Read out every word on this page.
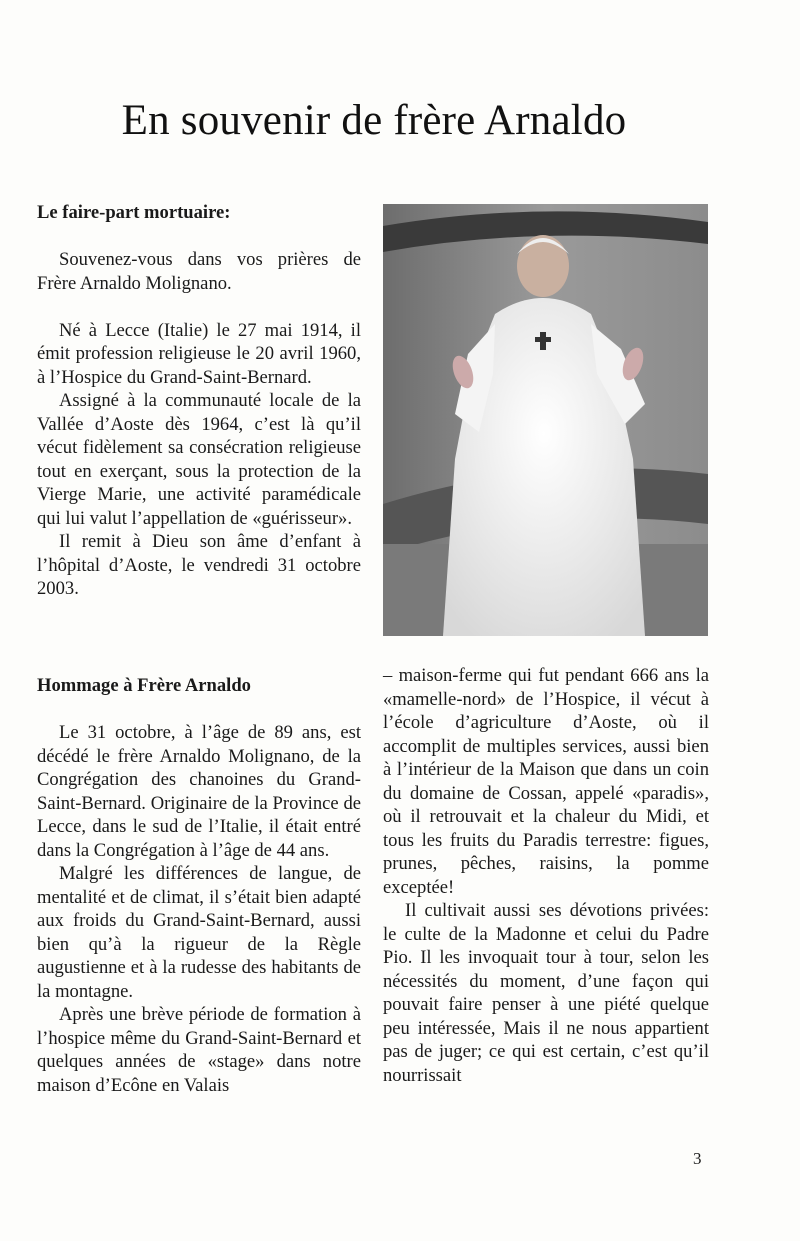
En souvenir de frère Arnaldo
Le faire-part mortuaire:

Souvenez-vous dans vos prières de Frère Arnaldo Molignano.

Né à Lecce (Italie) le 27 mai 1914, il émit profession religieuse le 20 avril 1960, à l’Hospice du Grand-Saint-Bernard.

Assigné à la communauté locale de la Vallée d’Aoste dès 1964, c’est là qu’il vécut fidèlement sa consécration religieuse tout en exerçant, sous la protection de la Vierge Marie, une activité paramédicale qui lui valut l’appellation de «guérisseur».

Il remit à Dieu son âme d’enfant à l’hôpital d’Aoste, le vendredi 31 octobre 2003.

Hommage à Frère Arnaldo

Le 31 octobre, à l’âge de 89 ans, est décédé le frère Arnaldo Molignano, de la Congrégation des chanoines du Grand-Saint-Bernard. Originaire de la Province de Lecce, dans le sud de l’Italie, il était entré dans la Congrégation à l’âge de 44 ans.

Malgré les différences de langue, de mentalité et de climat, il s’était bien adapté aux froids du Grand-Saint-Bernard, aussi bien qu’à la rigueur de la Règle augustienne et à la rudesse des habitants de la montagne.

Après une brève période de formation à l’hospice même du Grand-Saint-Bernard et quelques années de «stage» dans notre maison d’Ecône en Valais

– maison-ferme qui fut pendant 666 ans la «mamelle-nord» de l’Hospice, il vécut à l’école d’agriculture d’Aoste, où il accomplit de multiples services, aussi bien à l’intérieur de la Maison que dans un coin du domaine de Cossan, appelé «paradis», où il retrouvait et la chaleur du Midi, et tous les fruits du Paradis terrestre: figues, prunes, pêches, raisins, la pomme exceptée!

Il cultivait aussi ses dévotions privées: le culte de la Madonne et celui du Padre Pio. Il les invoquait tour à tour, selon les nécessités du moment, d’une façon qui pouvait faire penser à une piété quelque peu intéressée, Mais il ne nous appartient pas de juger; ce qui est certain, c’est qu’il nourrissait

3
